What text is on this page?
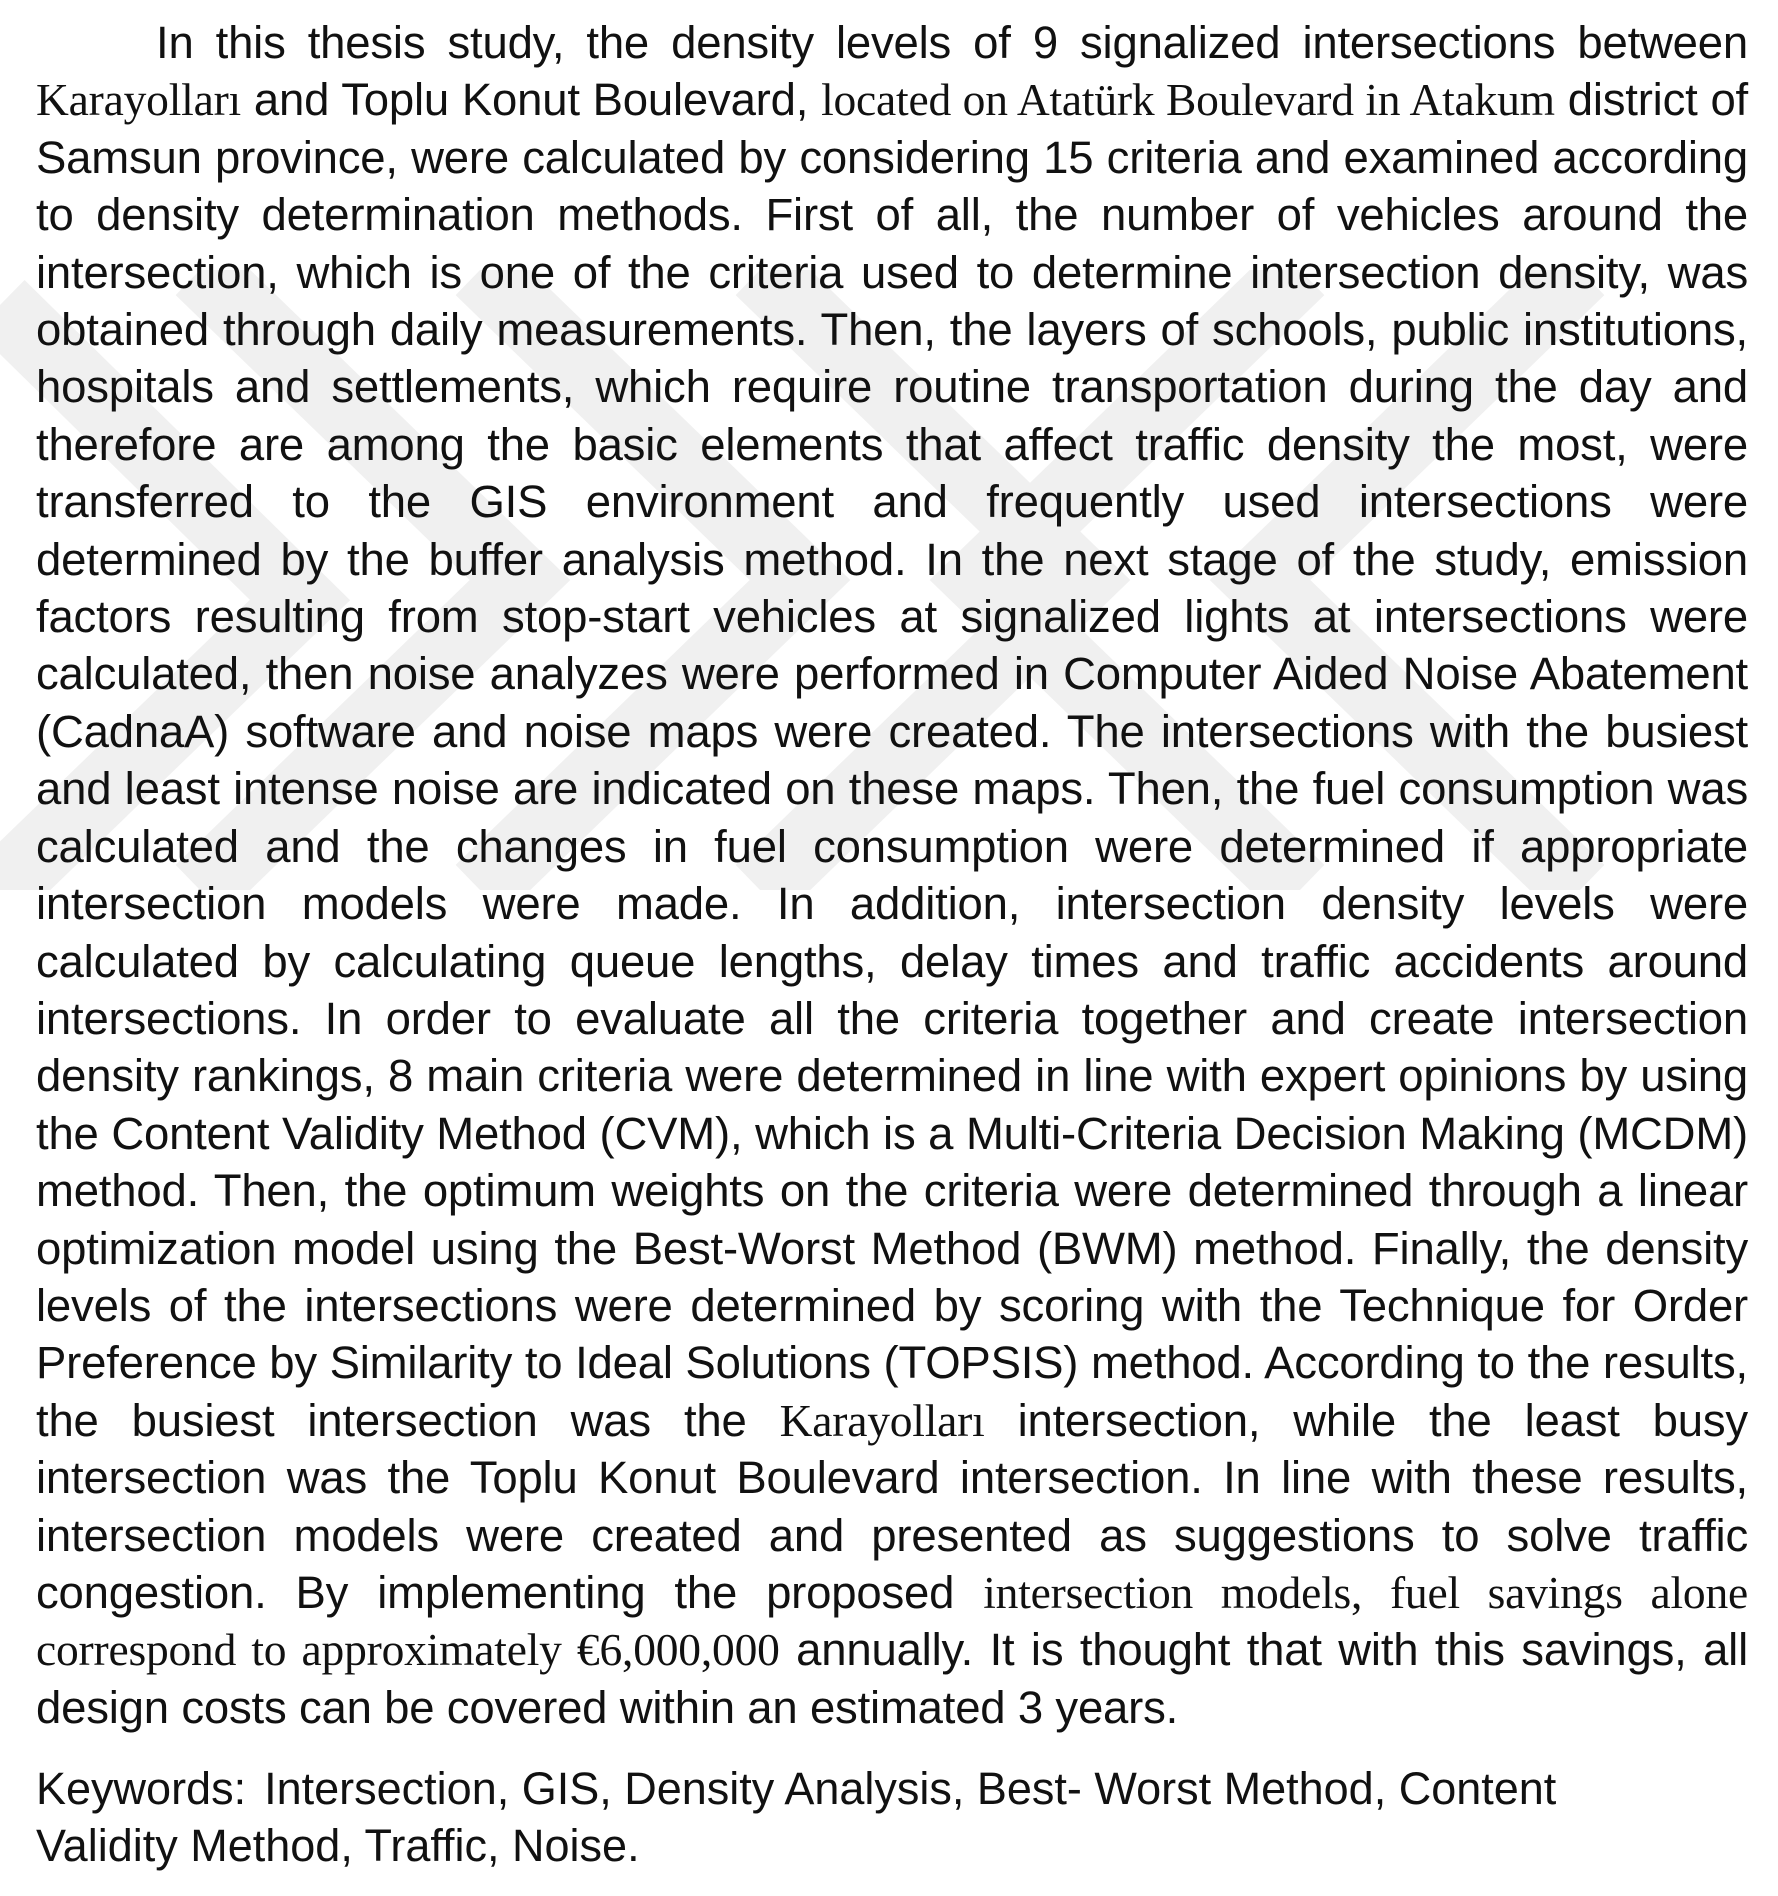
In this thesis study, the density levels of 9 signalized intersections between Karayolları and Toplu Konut Boulevard, located on Atatürk Boulevard in Atakum district of Samsun province, were calculated by considering 15 criteria and examined according to density determination methods. First of all, the number of vehicles around the intersection, which is one of the criteria used to determine intersection density, was obtained through daily measurements. Then, the layers of schools, public institutions, hospitals and settlements, which require routine transportation during the day and therefore are among the basic elements that affect traffic density the most, were transferred to the GIS environment and frequently used intersections were determined by the buffer analysis method. In the next stage of the study, emission factors resulting from stop-start vehicles at signalized lights at intersections were calculated, then noise analyzes were performed in Computer Aided Noise Abatement (CadnaA) software and noise maps were created. The intersections with the busiest and least intense noise are indicated on these maps. Then, the fuel consumption was calculated and the changes in fuel consumption were determined if appropriate intersection models were made. In addition, intersection density levels were calculated by calculating queue lengths, delay times and traffic accidents around intersections. In order to evaluate all the criteria together and create intersection density rankings, 8 main criteria were determined in line with expert opinions by using the Content Validity Method (CVM), which is a Multi-Criteria Decision Making (MCDM) method. Then, the optimum weights on the criteria were determined through a linear optimization model using the Best-Worst Method (BWM) method. Finally, the density levels of the intersections were determined by scoring with the Technique for Order Preference by Similarity to Ideal Solutions (TOPSIS) method. According to the results, the busiest intersection was the Karayolları intersection, while the least busy intersection was the Toplu Konut Boulevard intersection. In line with these results, intersection models were created and presented as suggestions to solve traffic congestion. By implementing the proposed intersection models, fuel savings alone correspond to approximately €6,000,000 annually. It is thought that with this savings, all design costs can be covered within an estimated 3 years.

Keywords: Intersection, GIS, Density Analysis, Best- Worst Method, Content Validity Method, Traffic, Noise.
